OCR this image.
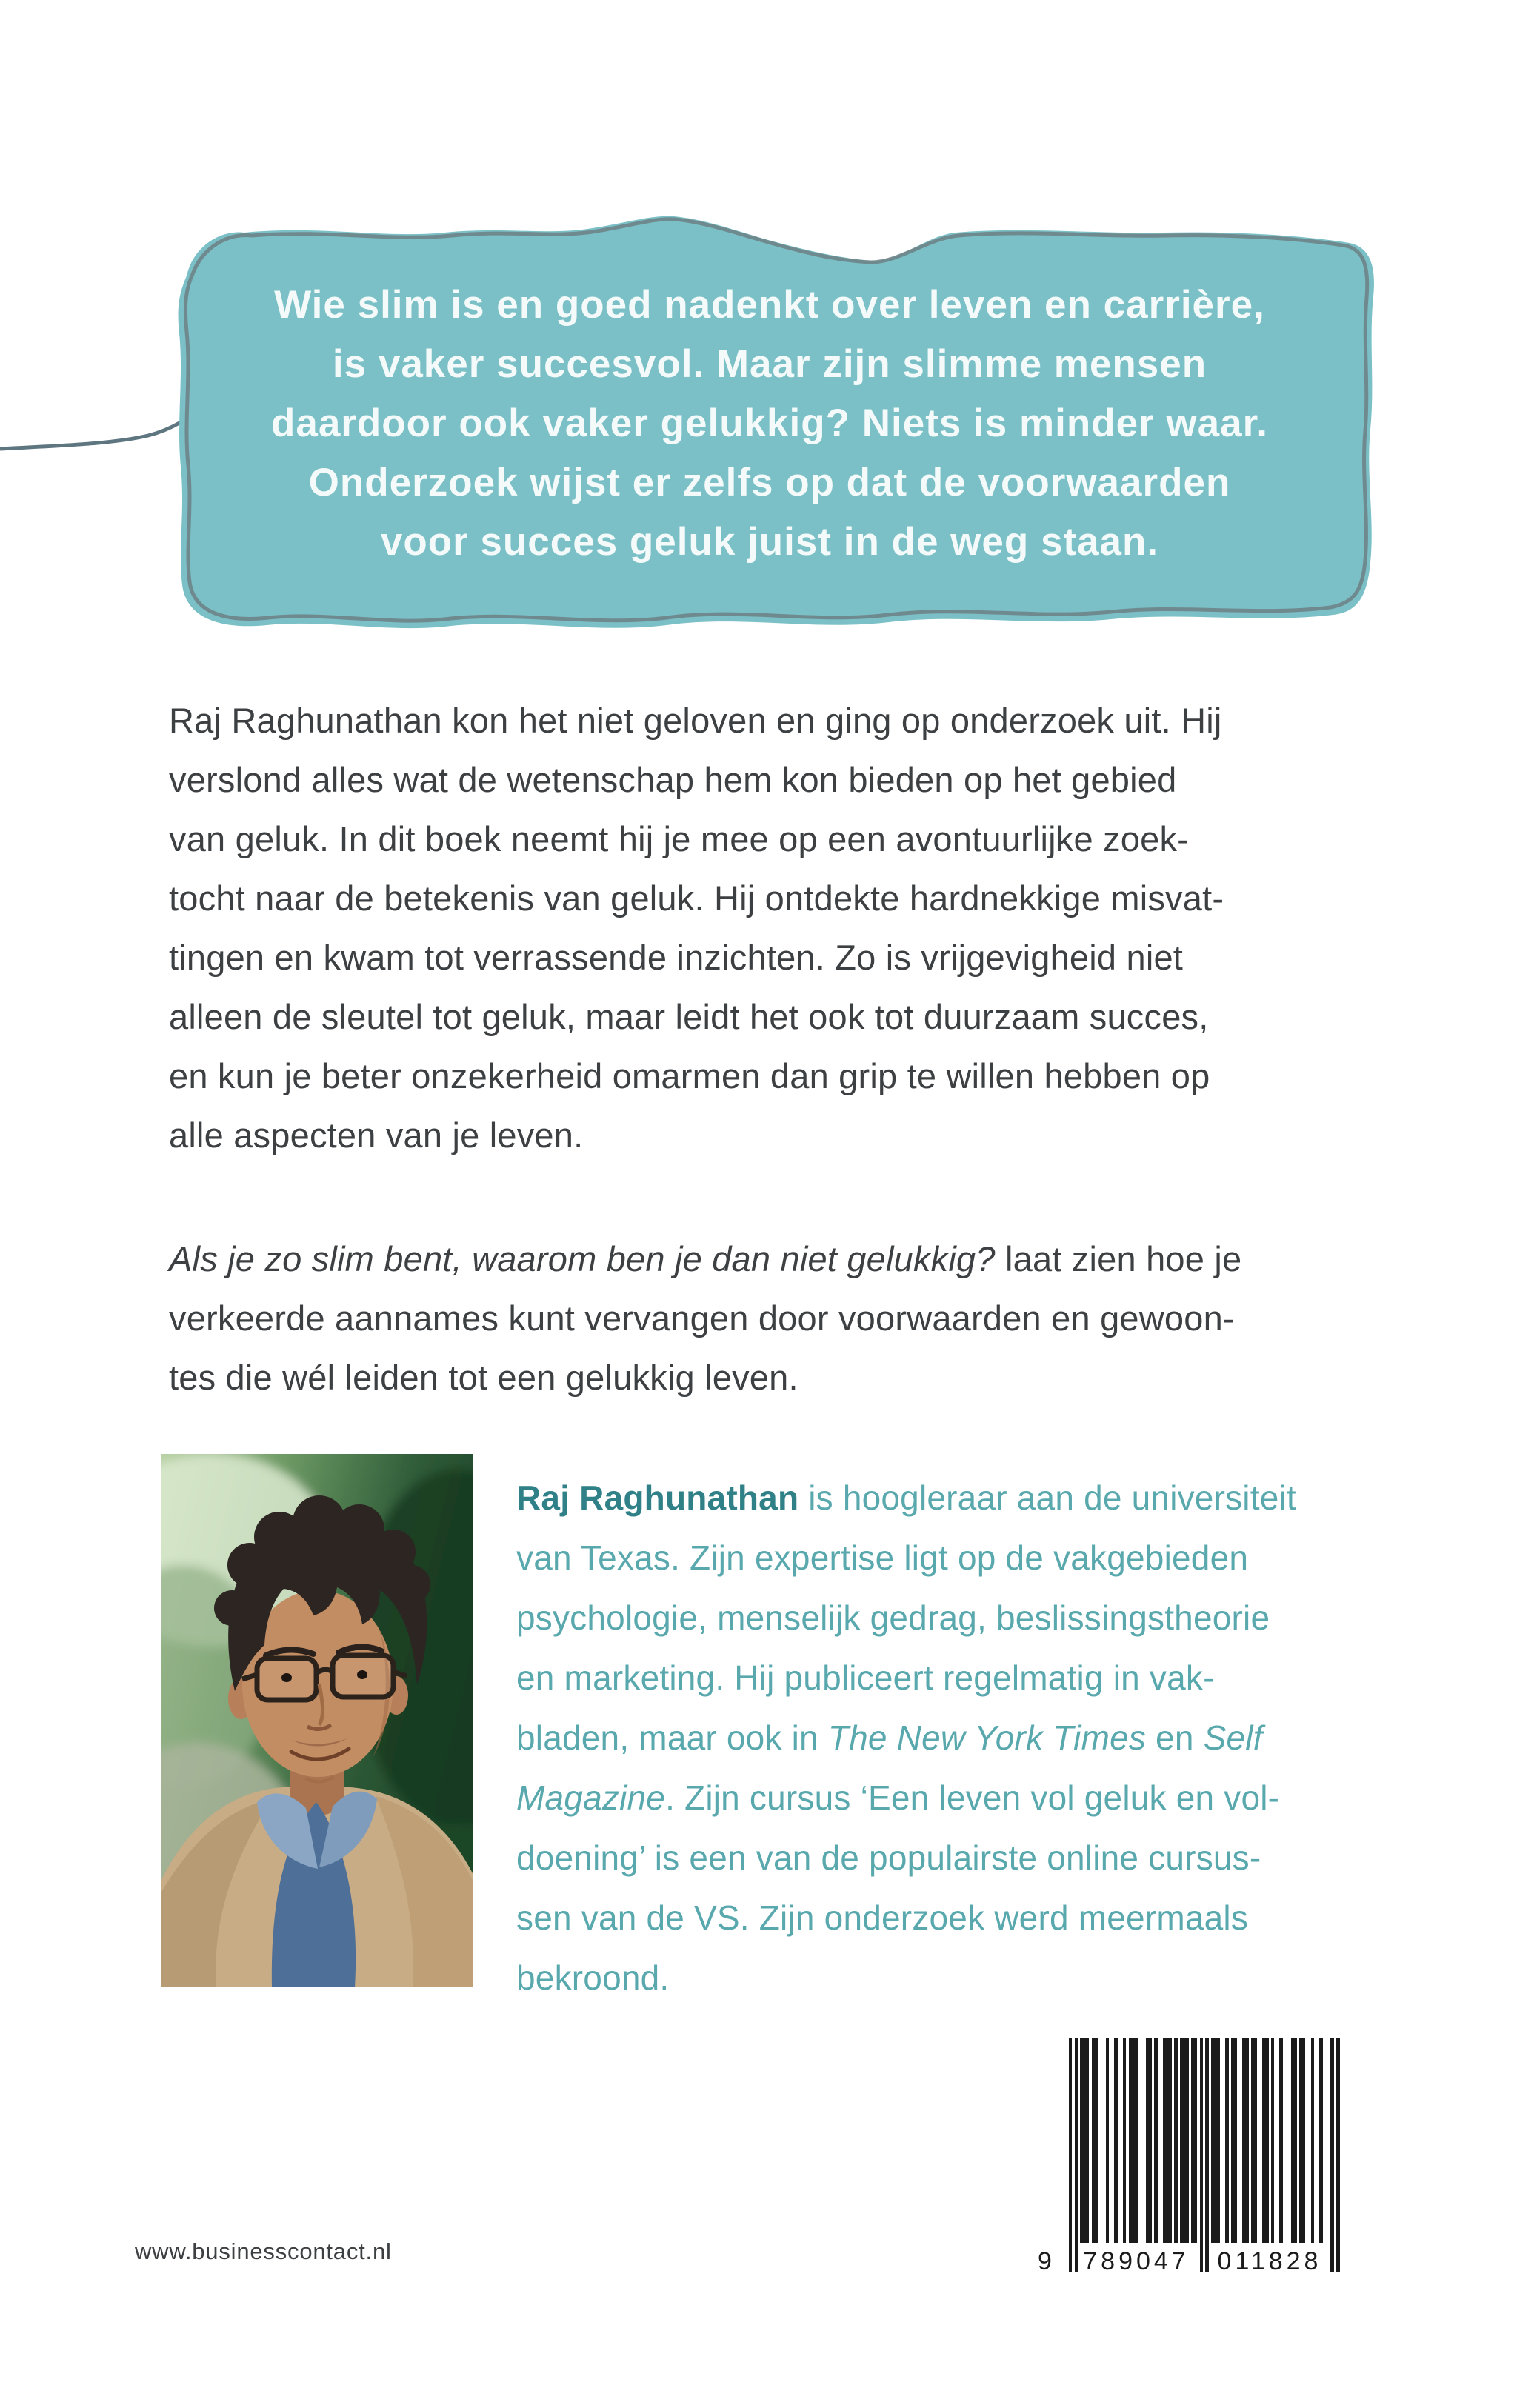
Wie slim is en goed nadenkt over leven en carrière,
is vaker succesvol. Maar zijn slimme mensen
daardoor ook vaker gelukkig? Niets is minder waar.
Onderzoek wijst er zelfs op dat de voorwaarden
voor succes geluk juist in de weg staan.
Raj Raghunathan kon het niet geloven en ging op onderzoek uit. Hij
verslond alles wat de wetenschap hem kon bieden op het gebied
van geluk. In dit boek neemt hij je mee op een avontuurlijke zoek-
tocht naar de betekenis van geluk. Hij ontdekte hardnekkige misvat-
tingen en kwam tot verrassende inzichten. Zo is vrijgevigheid niet
alleen de sleutel tot geluk, maar leidt het ook tot duurzaam succes,
en kun je beter onzekerheid omarmen dan grip te willen hebben op
alle aspecten van je leven.
Als je zo slim bent, waarom ben je dan niet gelukkig? laat zien hoe je
verkeerde aannames kunt vervangen door voorwaarden en gewoon-
tes die wél leiden tot een gelukkig leven.
Raj Raghunathan is hoogleraar aan de universiteit
van Texas. Zijn expertise ligt op de vakgebieden
psychologie, menselijk gedrag, beslissingstheorie
en marketing. Hij publiceert regelmatig in vak-
bladen, maar ook in The New York Times en Self
Magazine. Zijn cursus ‘Een leven vol geluk en vol-
doening’ is een van de populairste online cursus-
sen van de VS. Zijn onderzoek werd meermaals
bekroond.
www.businesscontact.nl	9 789047 011828
